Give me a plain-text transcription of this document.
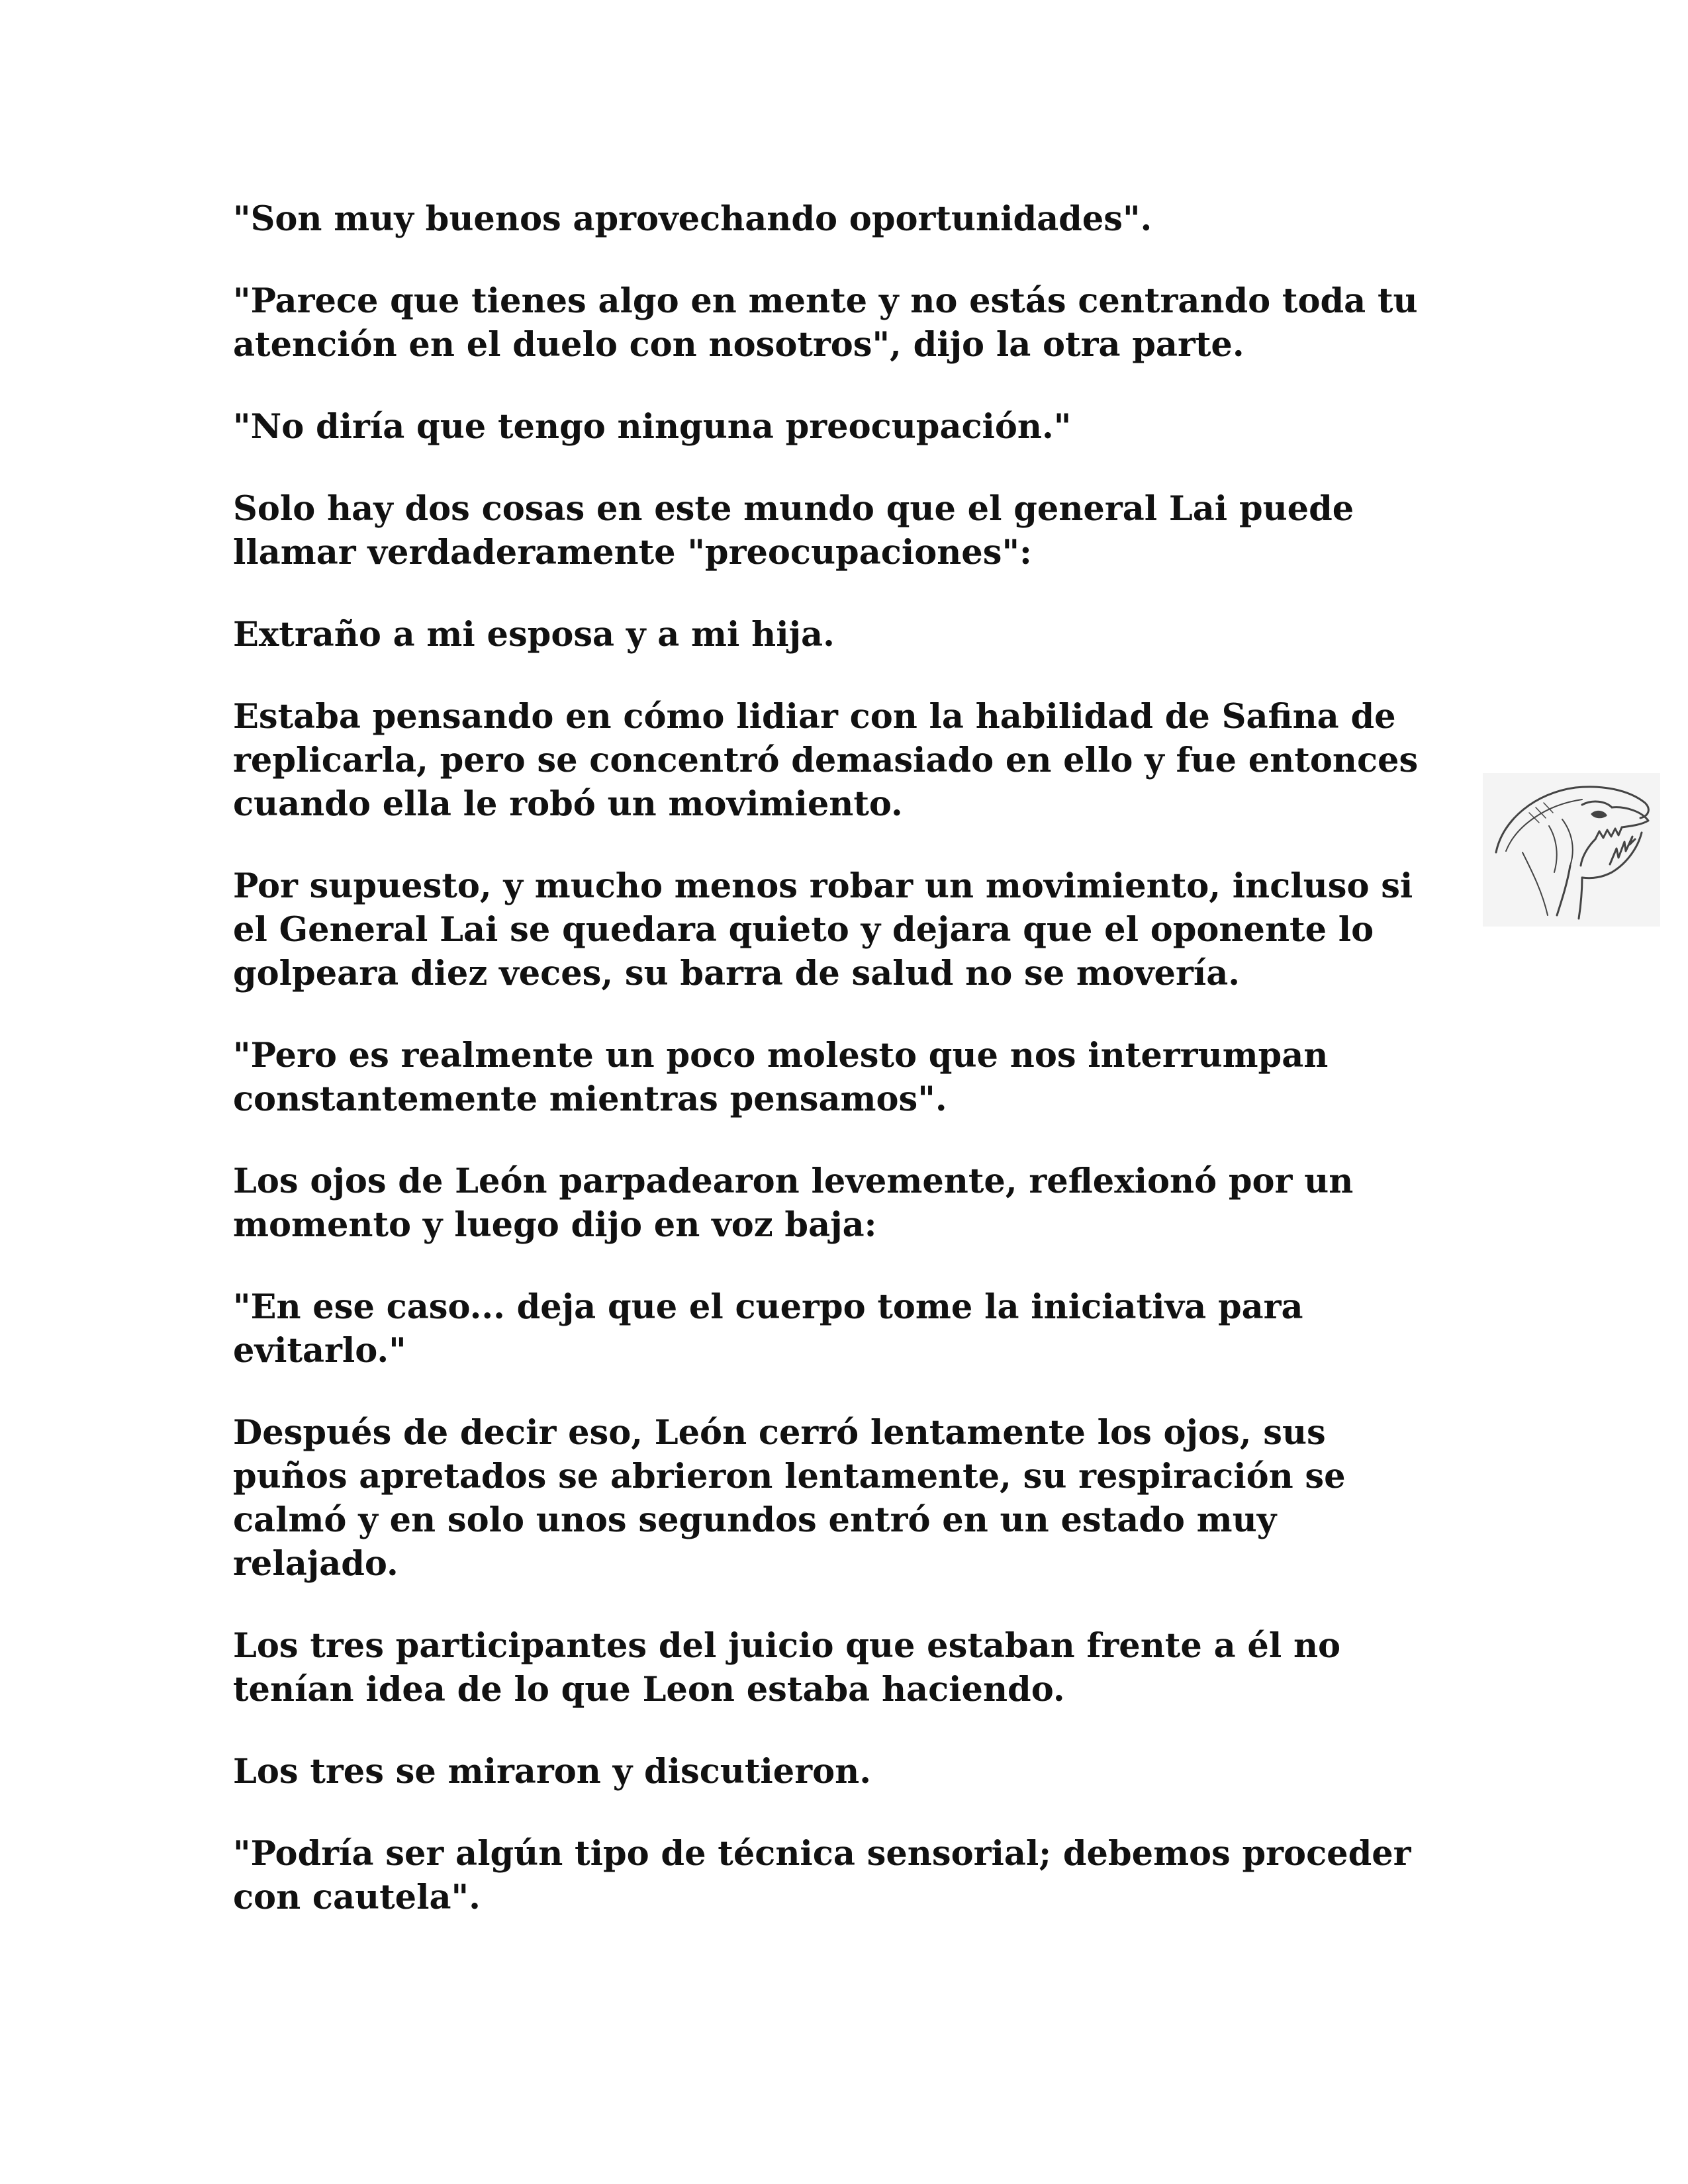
"Son muy buenos aprovechando oportunidades".

"Parece que tienes algo en mente y no estás centrando toda tu
atención en el duelo con nosotros", dijo la otra parte.

"No diría que tengo ninguna preocupación."

Solo hay dos cosas en este mundo que el general Lai puede
llamar verdaderamente "preocupaciones":

Extraño a mi esposa y a mi hija.

Estaba pensando en cómo lidiar con la habilidad de Safina de
replicarla, pero se concentró demasiado en ello y fue entonces
cuando ella le robó un movimiento.

Por supuesto, y mucho menos robar un movimiento, incluso si
el General Lai se quedara quieto y dejara que el oponente lo
golpeara diez veces, su barra de salud no se movería.

"Pero es realmente un poco molesto que nos interrumpan
constantemente mientras pensamos".

Los ojos de León parpadearon levemente, reflexionó por un
momento y luego dijo en voz baja:

"En ese caso... deja que el cuerpo tome la iniciativa para
evitarlo."

Después de decir eso, León cerró lentamente los ojos, sus
puños apretados se abrieron lentamente, su respiración se
calmó y en solo unos segundos entró en un estado muy
relajado.

Los tres participantes del juicio que estaban frente a él no
tenían idea de lo que Leon estaba haciendo.

Los tres se miraron y discutieron.

"Podría ser algún tipo de técnica sensorial; debemos proceder
con cautela".
